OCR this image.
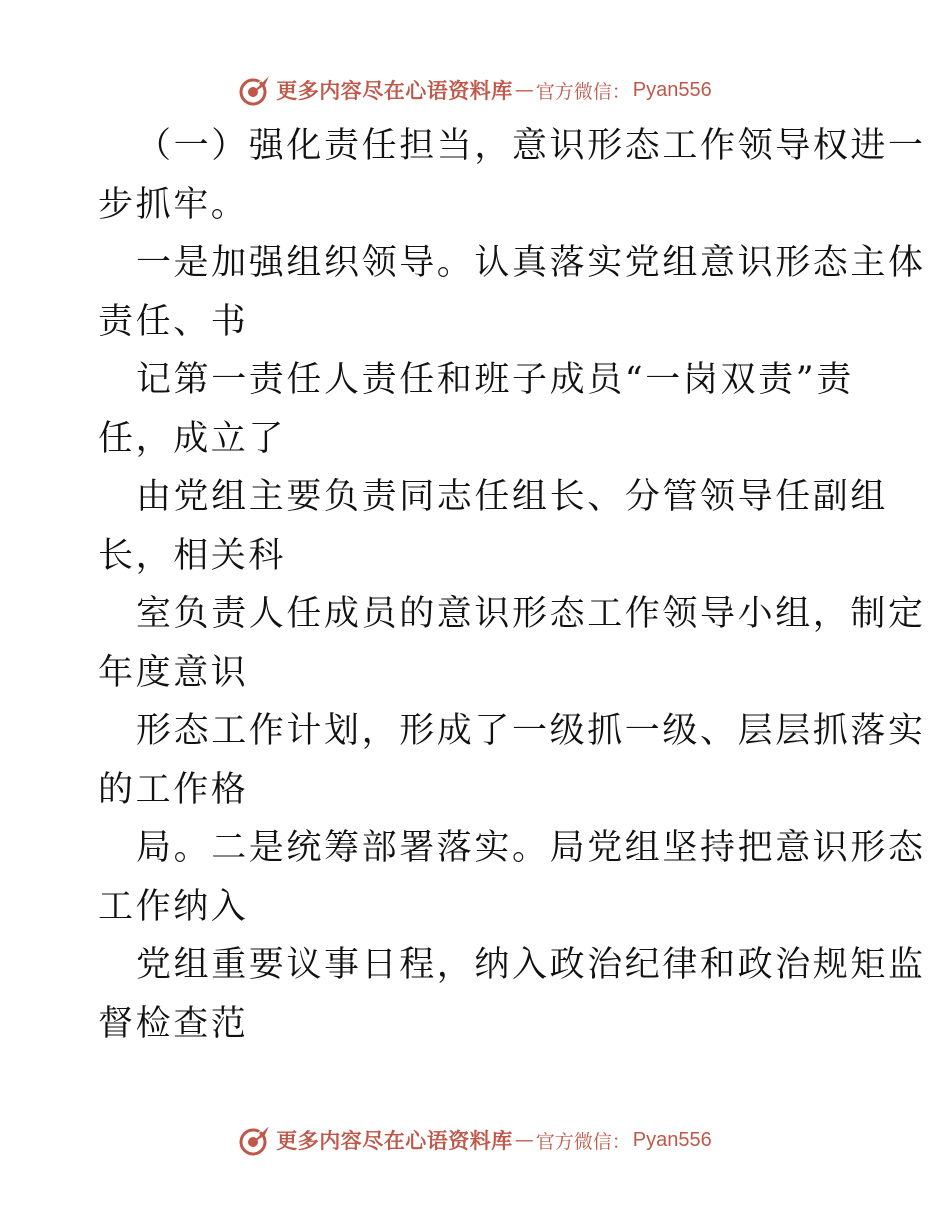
更多内容尽在心语资料库 — 官方微信： Pyan556
（一）强化责任担当，意识形态工作领导权进一
步抓牢。
一是加强组织领导。认真落实党组意识形态主体
责任、书
记第一责任人责任和班子成员“一岗双责”责
任，成立了
由党组主要负责同志任组长、分管领导任副组
长，相关科
室负责人任成员的意识形态工作领导小组，制定
年度意识
形态工作计划，形成了一级抓一级、层层抓落实
的工作格
局。二是统筹部署落实。局党组坚持把意识形态
工作纳入
党组重要议事日程，纳入政治纪律和政治规矩监
督检查范
更多内容尽在心语资料库 — 官方微信： Pyan556
